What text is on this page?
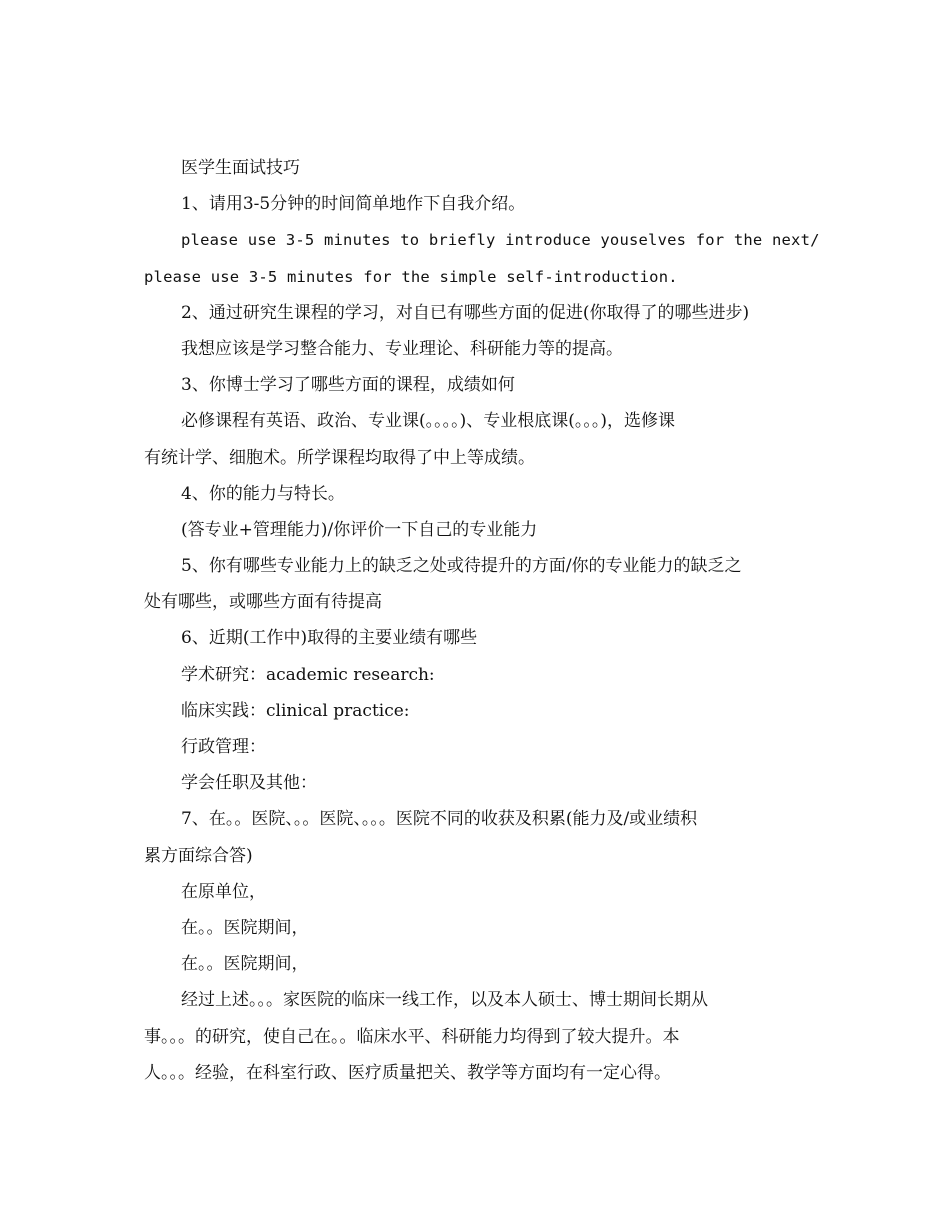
医学生面试技巧
1、请用3-5分钟的时间简单地作下自我介绍。
please use 3-5 minutes to briefly introduce youselves for the next/
please use 3-5 minutes for the simple self-introduction.
2、通过研究生课程的学习，对自已有哪些方面的促进(你取得了的哪些进步)
我想应该是学习整合能力、专业理论、科研能力等的提高。
3、你博士学习了哪些方面的课程，成绩如何
必修课程有英语、政治、专业课(。。。。)、专业根底课(。。。)，选修课
有统计学、细胞术。所学课程均取得了中上等成绩。
4、你的能力与特长。
(答专业+管理能力)/你评价一下自己的专业能力
5、你有哪些专业能力上的缺乏之处或待提升的方面/你的专业能力的缺乏之
处有哪些，或哪些方面有待提高
6、近期(工作中)取得的主要业绩有哪些
学术研究：academic research:
临床实践：clinical practice:
行政管理：
学会任职及其他：
7、在。。医院、。。医院、。。。医院不同的收获及积累(能力及/或业绩积
累方面综合答)
在原单位，
在。。医院期间，
在。。医院期间，
经过上述。。。家医院的临床一线工作，以及本人硕士、博士期间长期从
事。。。的研究，使自己在。。临床水平、科研能力均得到了较大提升。本
人。。。经验，在科室行政、医疗质量把关、教学等方面均有一定心得。
